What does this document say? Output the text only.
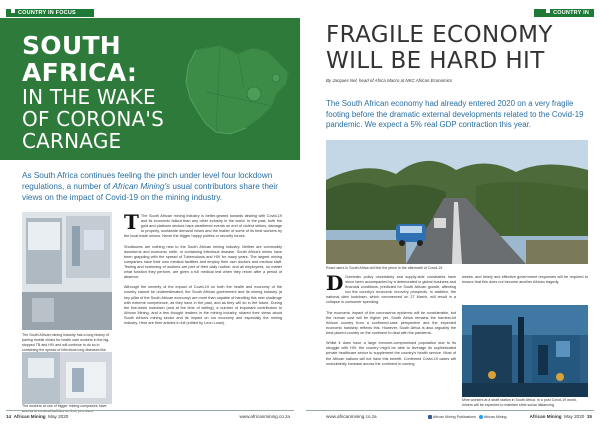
COUNTRY IN FOCUS
SOUTH AFRICA:
IN THE WAKE
OF CORONA'S
CARNAGE
As South Africa continues feeling the pinch under level four lockdown regulations, a number of African Mining's usual contributors share their views on the impact of Covid-19 on the mining industry.
The South African mining industry has a long history of pairing mobile clinics for health care workers in the big-stopped TB and HIV and will continue to do so in containing the spread of infectious lung diseases like
The workers at one of bigger mining companies have access to medical facilities on their premises.
T The South African mining industry is better-geared towards dealing with Covid-19 and its economic fallout than any other industry in the world. In the past, both the gold and platinum sectors have weathered events on end of violent strikes, damage to property, worldwide demand crises and the matter of some of its best workers by the local trade unions. Never the trigger happy politics or security forces.

Shutdowns are nothing new to the South African mining industry. Neither are commodity downturns and economic strife, or containing infectious disease. South Africa's mines have been grappling with the spread of Tuberculosis and HIV for many years. The largest mining companies have their own medical facilities and employ their own doctors and medical staff. Testing and screening of workers are part of their daily routine, and all employees, no matter what function they perform, are given a full medical test when they return after a period of absence.

Although the severity of the impact of Covid-19 on both the health and economy of the country cannot be underestimated, the South African government and its mining industry (a key pillar of the South African economy) are more than capable of handling this new challenge with extreme competence, as they have in the past, and as they will do in the future. During the five-week lockdown (and at the time of writing), a number of important contributors to African Mining, and a few thought leaders in the mining industry, shared their views about South Africa's mining sector and its impact on our economy and especially the mining industry. Here are their articles in full (edited by Leon Louw).
14 African Mining May 2020	www.africanmining.co.za
COUNTRY IN FOCUS
FRAGILE ECONOMY WILL BE HARD HIT
By Jacques Nel, head of Africa Macro at NKC African Economics
The South African economy had already entered 2020 on a very fragile footing before the dramatic external developments related to the Covid-19 pandemic. We expect a 5% real GDP contraction this year.
Road users in South Africa will feel the pinch in the aftermath of Covid-19.
D Domestic policy uncertainty and supply-side constraints have since been accompanied by a deteriorated in global business and financial conditions, predicted for South African growth, affecting too the country's economic recovery prospects. In addition, the national debt lockdown, which commenced on 27 March, will result in a collapse in consumer spending.

The economic impact of the coronavirus epidemic will be considerable, but the human cost will be higher yet. South Africa remains the hardest-hit African country from a confirmed-case perspective and the expected economic hardship reflects this. However, South Africa is also arguably the best-placed country on the continent to deal with the pandemic.

Whilst it does have a large immune-compromised population due to its struggle with HIV, the country might be able to leverage its sophisticated private healthcare sector to supplement the country's health service. Most of the African nations will not have this benefit. Confirmed Covid-19 cases will undoubtedly increase across the continent in coming
weeks, and timely and effective government responses will be required to ensure that this does not become another African tragedy.
Mine workers at a shaft station in South Africa. In a post Covid-19 world, miners will be expected to maintain strict social distancing.
www.africanmining.co.za	African Mining Publications African Mining	African Mining May 2020 15
